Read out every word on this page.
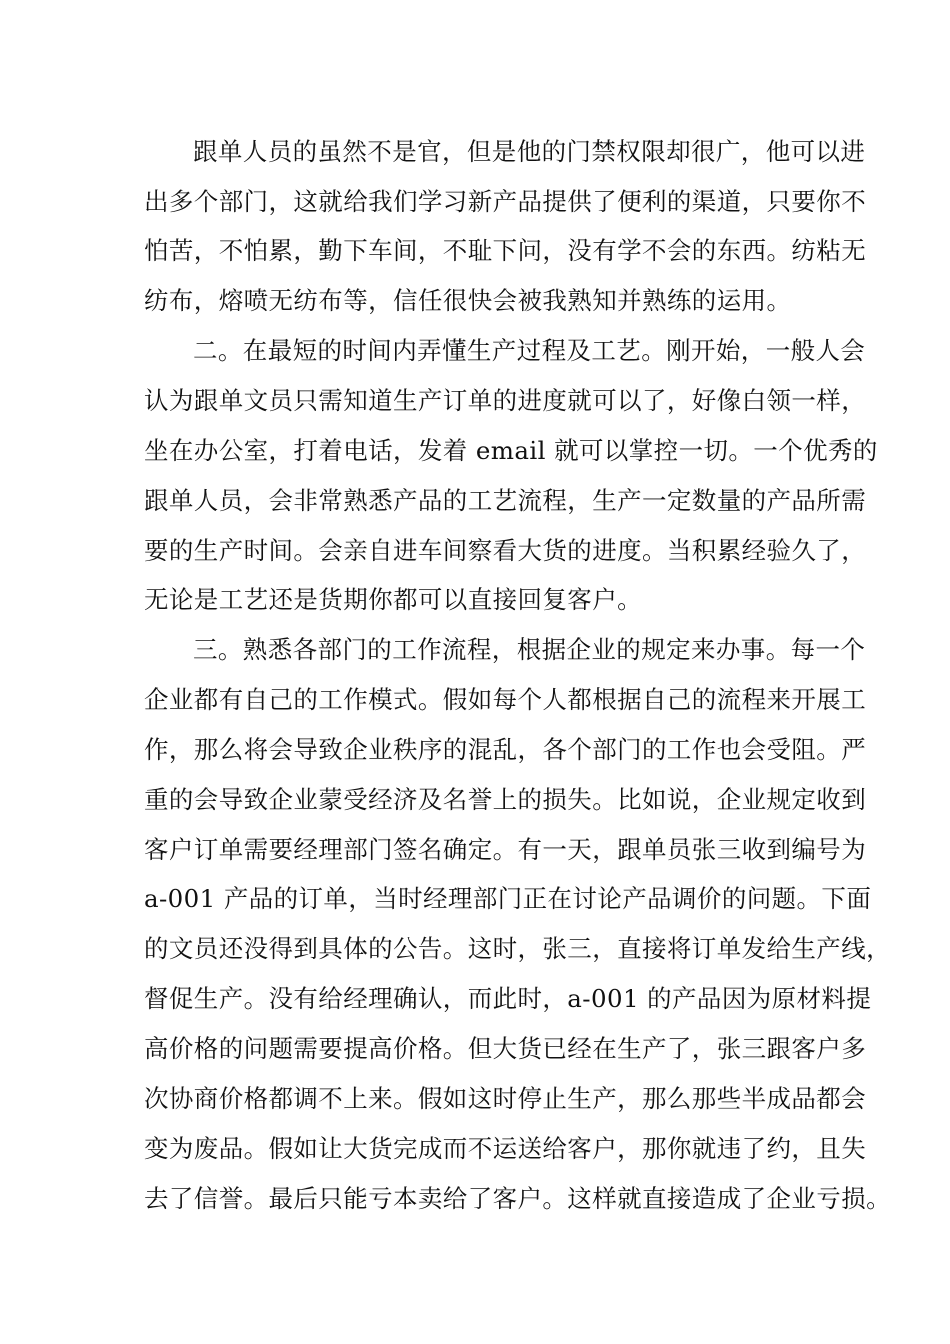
跟单人员的虽然不是官，但是他的门禁权限却很广，他可以进
出多个部门，这就给我们学习新产品提供了便利的渠道，只要你不
怕苦，不怕累，勤下车间，不耻下问，没有学不会的东西。纺粘无
纺布，熔喷无纺布等，信任很快会被我熟知并熟练的运用。
二。在最短的时间内弄懂生产过程及工艺。刚开始，一般人会
认为跟单文员只需知道生产订单的进度就可以了，好像白领一样，
坐在办公室，打着电话，发着 email 就可以掌控一切。一个优秀的
跟单人员，会非常熟悉产品的工艺流程，生产一定数量的产品所需
要的生产时间。会亲自进车间察看大货的进度。当积累经验久了，
无论是工艺还是货期你都可以直接回复客户。
三。熟悉各部门的工作流程，根据企业的规定来办事。每一个
企业都有自己的工作模式。假如每个人都根据自己的流程来开展工
作，那么将会导致企业秩序的混乱，各个部门的工作也会受阻。严
重的会导致企业蒙受经济及名誉上的损失。比如说，企业规定收到
客户订单需要经理部门签名确定。有一天，跟单员张三收到编号为
a-001 产品的订单，当时经理部门正在讨论产品调价的问题。下面
的文员还没得到具体的公告。这时，张三，直接将订单发给生产线，
督促生产。没有给经理确认，而此时，a-001 的产品因为原材料提
高价格的问题需要提高价格。但大货已经在生产了，张三跟客户多
次协商价格都调不上来。假如这时停止生产，那么那些半成品都会
变为废品。假如让大货完成而不运送给客户，那你就违了约，且失
去了信誉。最后只能亏本卖给了客户。这样就直接造成了企业亏损。
